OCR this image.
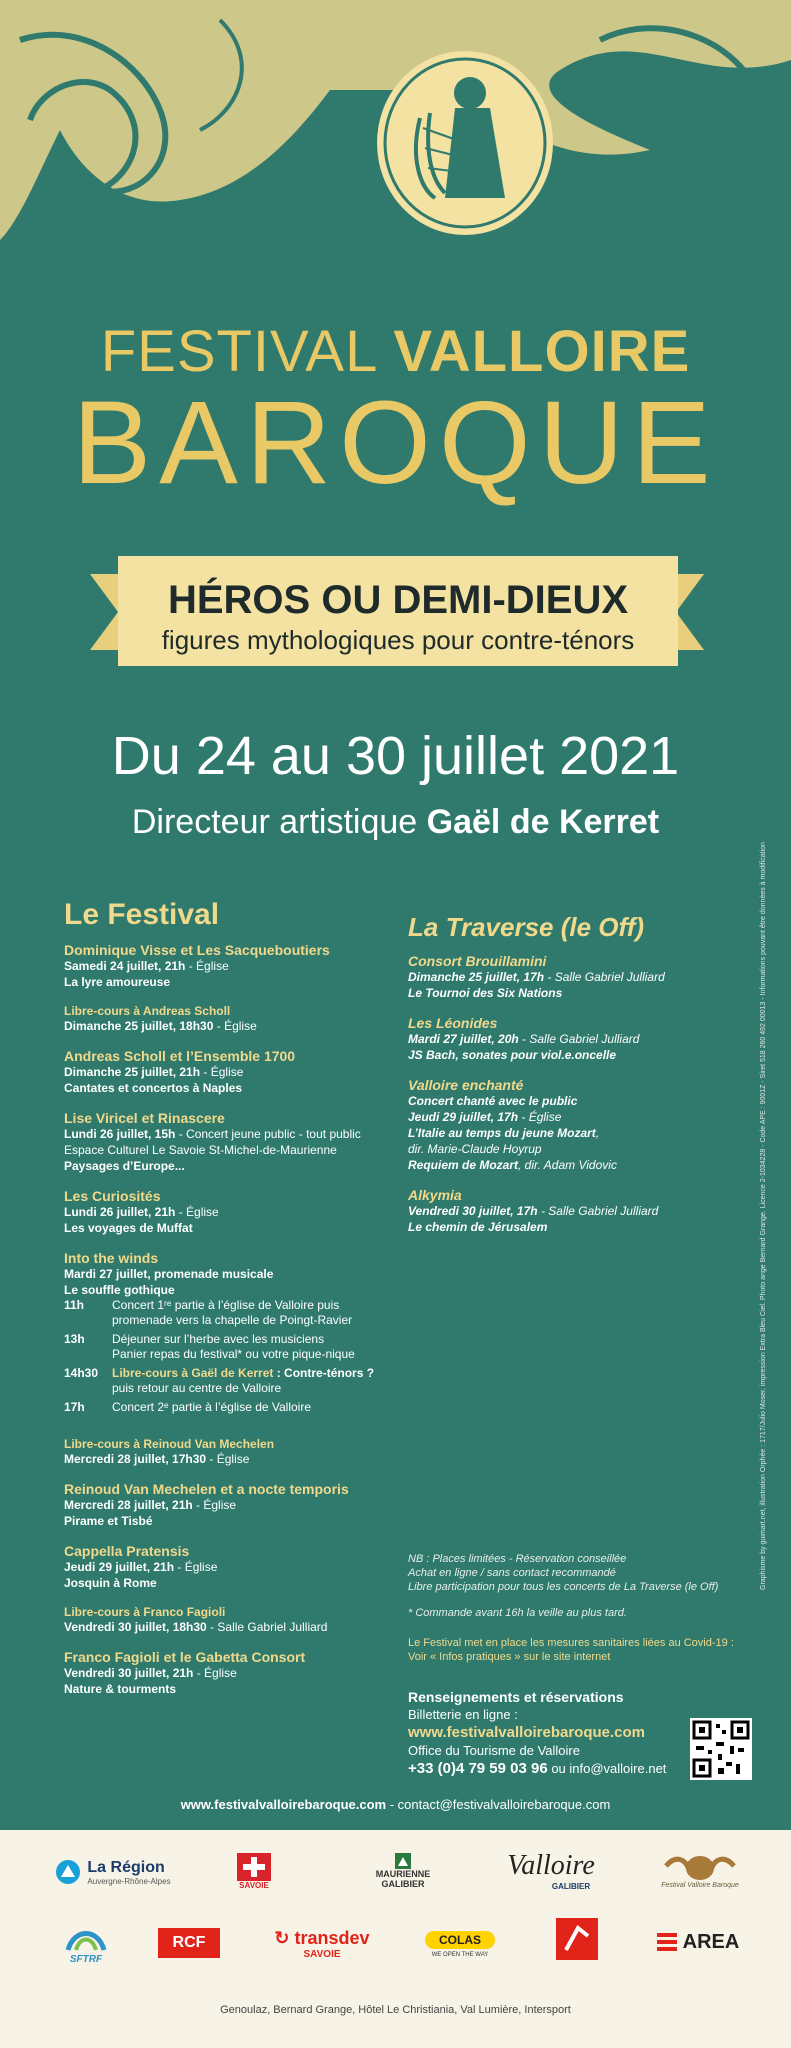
FESTIVAL VALLOIRE
BAROQUE
HÉROS OU DEMI-DIEUX
figures mythologiques pour contre-ténors
Du 24 au 30 juillet 2021
Directeur artistique Gaël de Kerret
Le Festival
Dominique Visse et Les Sacqueboutiers
Samedi 24 juillet, 21h - Église
La lyre amoureuse
Libre-cours à Andreas Scholl
Dimanche 25 juillet, 18h30 - Église
Andreas Scholl et l’Ensemble 1700
Dimanche 25 juillet, 21h - Église
Cantates et concertos à Naples
Lise Viricel et Rinascere
Lundi 26 juillet, 15h - Concert jeune public - tout public
Espace Culturel Le Savoie St-Michel-de-Maurienne
Paysages d’Europe...
Les Curiosités
Lundi 26 juillet, 21h - Église
Les voyages de Muffat
Into the winds
Mardi 27 juillet, promenade musicale
Le souffle gothique
11h	Concert 1ʳᵉ partie à l’église de Valloire puis
promenade vers la chapelle de Poingt-Ravier
13h	Déjeuner sur l’herbe avec les musiciens
Panier repas du festival* ou votre pique-nique
14h30	Libre-cours à Gaël de Kerret : Contre-ténors ?
puis retour au centre de Valloire
17h	Concert 2ᵉ partie à l’église de Valloire
Libre-cours à Reinoud Van Mechelen
Mercredi 28 juillet, 17h30 - Église
Reinoud Van Mechelen et a nocte temporis
Mercredi 28 juillet, 21h - Église
Pirame et Tisbé
Cappella Pratensis
Jeudi 29 juillet, 21h - Église
Josquin à Rome
Libre-cours à Franco Fagioli
Vendredi 30 juillet, 18h30 - Salle Gabriel Julliard
Franco Fagioli et le Gabetta Consort
Vendredi 30 juillet, 21h - Église
Nature & tourments
La Traverse (le Off)
Consort Brouillamini
Dimanche 25 juillet, 17h - Salle Gabriel Julliard
Le Tournoi des Six Nations
Les Léonides
Mardi 27 juillet, 20h - Salle Gabriel Julliard
JS Bach, sonates pour viol.e.oncelle
Valloire enchanté
Concert chanté avec le public
Jeudi 29 juillet, 17h - Église
L’Italie au temps du jeune Mozart,
dir. Marie-Claude Hoyrup
Requiem de Mozart, dir. Adam Vidovic
Alkymia
Vendredi 30 juillet, 17h - Salle Gabriel Julliard
Le chemin de Jérusalem
NB : Places limitées - Réservation conseillée
Achat en ligne / sans contact recommandé
Libre participation pour tous les concerts de La Traverse (le Off)
* Commande avant 16h la veille au plus tard.
Le Festival met en place les mesures sanitaires liées au Covid-19 :
Voir « Infos pratiques » sur le site internet
Renseignements et réservations
Billetterie en ligne :
www.festivalvalloirebaroque.com
Office du Tourisme de Valloire
+33 (0)4 79 59 03 96 ou info@valloire.net
Graphisme by guimart.net, illustration Orphée : 1717/Julio Moser, impression Extra Bleu Ciel. Photo ange Bernard Grange. Licence 2-1034228 - Code APE : 9001Z - Siret 518 260 492 00013 - Informations pouvant être données à modification
www.festivalvalloirebaroque.com - contact@festivalvalloirebaroque.com
La Région
Auvergne-Rhône-Alpes	SAVOIE
MAURIENNE GALIBIER
Valloire
GALIBIER	Festival Valloire Baroque
SFTRF
RCF	↻ transdev
SAVOIE
COLAS
WE OPEN THE WAY
AREA
Genoulaz, Bernard Grange, Hôtel Le Christiania, Val Lumière, Intersport
